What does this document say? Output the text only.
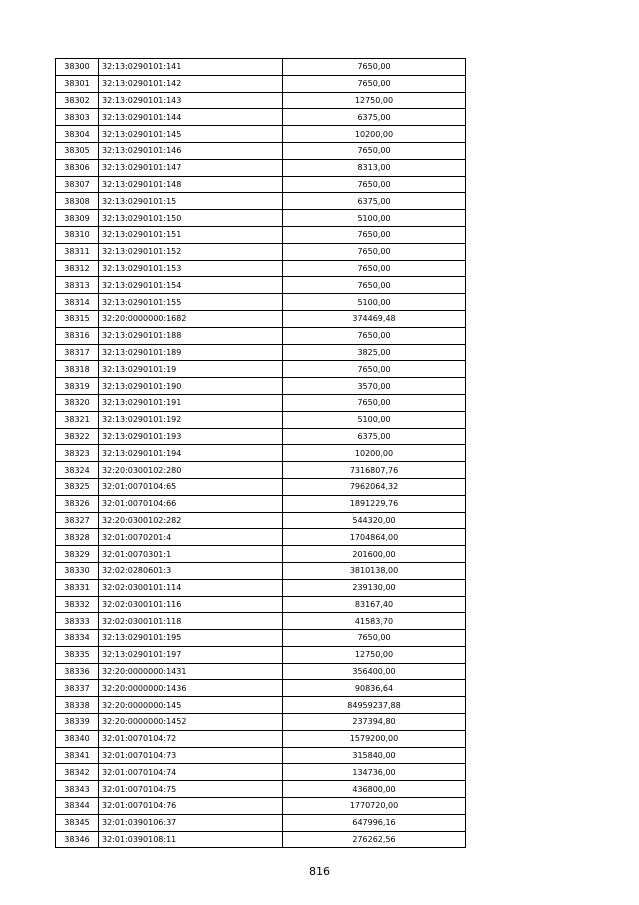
38300	32:13:0290101:141	7650,00
38301	32:13:0290101:142	7650,00
38302	32:13:0290101:143	12750,00
38303	32:13:0290101:144	6375,00
38304	32:13:0290101:145	10200,00
38305	32:13:0290101:146	7650,00
38306	32:13:0290101:147	8313,00
38307	32:13:0290101:148	7650,00
38308	32:13:0290101:15	6375,00
38309	32:13:0290101:150	5100,00
38310	32:13:0290101:151	7650,00
38311	32:13:0290101:152	7650,00
38312	32:13:0290101:153	7650,00
38313	32:13:0290101:154	7650,00
38314	32:13:0290101:155	5100,00
38315	32:20:0000000:1682	374469,48
38316	32:13:0290101:188	7650,00
38317	32:13:0290101:189	3825,00
38318	32:13:0290101:19	7650,00
38319	32:13:0290101:190	3570,00
38320	32:13:0290101:191	7650,00
38321	32:13:0290101:192	5100,00
38322	32:13:0290101:193	6375,00
38323	32:13:0290101:194	10200,00
38324	32:20:0300102:280	7316807,76
38325	32:01:0070104:65	7962064,32
38326	32:01:0070104:66	1891229,76
38327	32:20:0300102:282	544320,00
38328	32:01:0070201:4	1704864,00
38329	32:01:0070301:1	201600,00
38330	32:02:0280601:3	3810138,00
38331	32:02:0300101:114	239130,00
38332	32:02:0300101:116	83167,40
38333	32:02:0300101:118	41583,70
38334	32:13:0290101:195	7650,00
38335	32:13:0290101:197	12750,00
38336	32:20:0000000:1431	356400,00
38337	32:20:0000000:1436	90836,64
38338	32:20:0000000:145	84959237,88
38339	32:20:0000000:1452	237394,80
38340	32:01:0070104:72	1579200,00
38341	32:01:0070104:73	315840,00
38342	32:01:0070104:74	134736,00
38343	32:01:0070104:75	436800,00
38344	32:01:0070104:76	1770720,00
38345	32:01:0390106:37	647996,16
38346	32:01:0390108:11	276262,56
816
